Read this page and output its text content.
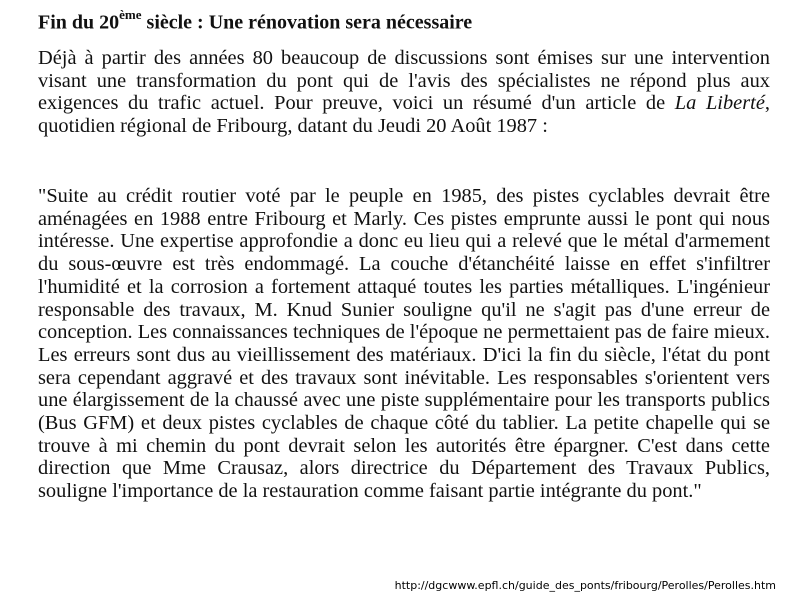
Fin du 20ème siècle : Une rénovation sera nécessaire

Déjà à partir des années 80 beaucoup de discussions sont émises sur une intervention visant une transformation du pont qui de l'avis des spécialistes ne répond plus aux exigences du trafic actuel. Pour preuve, voici un résumé d'un article de La Liberté, quotidien régional de Fribourg, datant du Jeudi 20 Août 1987 :

"Suite au crédit routier voté par le peuple en 1985, des pistes cyclables devrait être aménagées en 1988 entre Fribourg et Marly. Ces pistes emprunte aussi le pont qui nous intéresse. Une expertise approfondie a donc eu lieu qui a relevé que le métal d'armement du sous-œuvre est très endommagé. La couche d'étanchéité laisse en effet s'infiltrer l'humidité et la corrosion a fortement attaqué toutes les parties métalliques. L'ingénieur responsable des travaux, M. Knud Sunier souligne qu'il ne s'agit pas d'une erreur de conception. Les connaissances techniques de l'époque ne permettaient pas de faire mieux. Les erreurs sont dus au vieillissement des matériaux. D'ici la fin du siècle, l'état du pont sera cependant aggravé et des travaux sont inévitable. Les responsables s'orientent vers une élargissement de la chaussé avec une piste supplémentaire pour les transports publics (Bus GFM) et deux pistes cyclables de chaque côté du tablier. La petite chapelle qui se trouve à mi chemin du pont devrait selon les autorités être épargner. C'est dans cette direction que Mme Crausaz, alors directrice du Département des Travaux Publics, souligne l'importance de la restauration comme faisant partie intégrante du pont."

http://dgcwww.epfl.ch/guide_des_ponts/fribourg/Perolles/Perolles.htm
